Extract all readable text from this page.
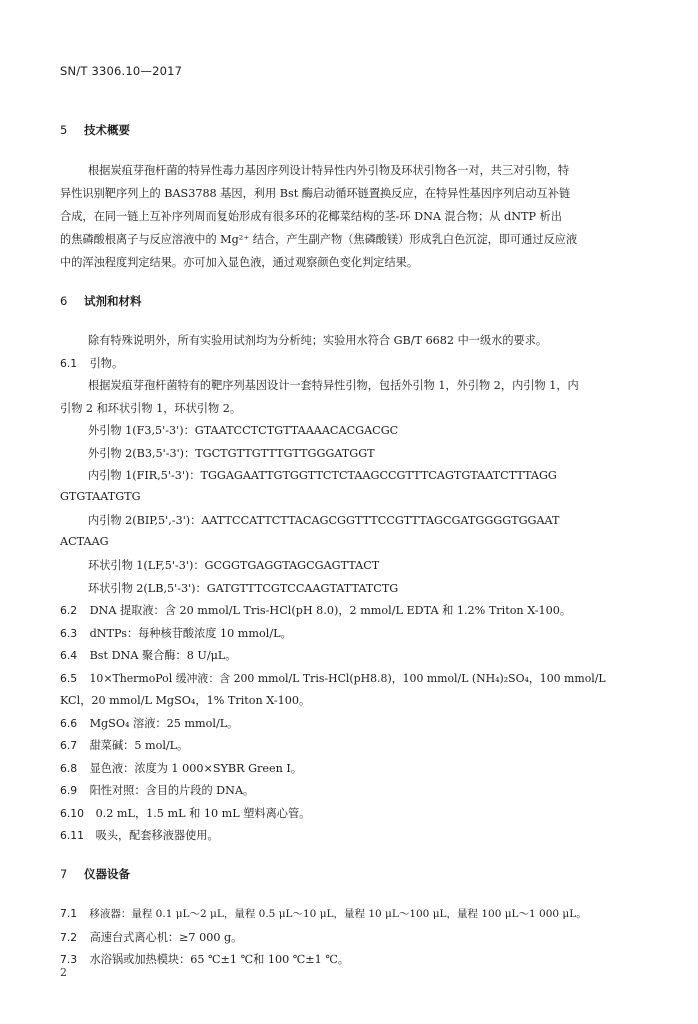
SN/T 3306.10—2017
5 技术概要
根据炭疽芽孢杆菌的特异性毒力基因序列设计特异性内外引物及环状引物各一对，共三对引物，特
异性识别靶序列上的 BAS3788 基因，利用 Bst 酶启动循环链置换反应，在特异性基因序列启动互补链
合成，在同一链上互补序列周而复始形成有很多环的花椰菜结构的茎-环 DNA 混合物；从 dNTP 析出
的焦磷酸根离子与反应溶液中的 Mg²⁺ 结合，产生副产物（焦磷酸镁）形成乳白色沉淀，即可通过反应液
中的浑浊程度判定结果。亦可加入显色液，通过观察颜色变化判定结果。
6 试剂和材料
除有特殊说明外，所有实验用试剂均为分析纯；实验用水符合 GB/T 6682 中一级水的要求。
6.1 引物。
根据炭疽芽孢杆菌特有的靶序列基因设计一套特异性引物，包括外引物 1，外引物 2，内引物 1，内
引物 2 和环状引物 1，环状引物 2。
外引物 1(F3,5'-3')：GTAATCCTCTGTTAAAACACGACGC
外引物 2(B3,5'-3')：TGCTGTTGTTTGTTGGGATGGT
内引物 1(FIR,5'-3')：TGGAGAATTGTGGTTCTCTAAGCCGTTTCAGTGTAATCTTTAGG
GTGTAATGTG
内引物 2(BIP,5',-3')：AATTCCATTCTTACAGCGGTTTCCGTTTAGCGATGGGGTGGAAT
ACTAAG
环状引物 1(LF,5'-3')：GCGGTGAGGTAGCGAGTTACT
环状引物 2(LB,5'-3')：GATGTTTCGTCCAAGTATTATCTG
6.2 DNA 提取液：含 20 mmol/L Tris-HCl(pH 8.0)，2 mmol/L EDTA 和 1.2% Triton X-100。
6.3 dNTPs：每种核苷酸浓度 10 mmol/L。
6.4 Bst DNA 聚合酶：8 U/μL。
6.5 10×ThermoPol 缓冲液：含 200 mmol/L Tris-HCl(pH8.8)，100 mmol/L (NH₄)₂SO₄，100 mmol/L
KCl，20 mmol/L MgSO₄，1% Triton X-100。
6.6 MgSO₄ 溶液：25 mmol/L。
6.7 甜菜碱：5 mol/L。
6.8 显色液：浓度为 1 000×SYBR Green Ⅰ。
6.9 阳性对照：含目的片段的 DNA。
6.10 0.2 mL，1.5 mL 和 10 mL 塑料离心管。
6.11 吸头，配套移液器使用。
7 仪器设备
7.1 移液器：量程 0.1 μL～2 μL，量程 0.5 μL～10 μL，量程 10 μL～100 μL，量程 100 μL～1 000 μL。
7.2 高速台式离心机：≥7 000 g。
7.3 水浴锅或加热模块：65 ℃±1 ℃和 100 ℃±1 ℃。
2
